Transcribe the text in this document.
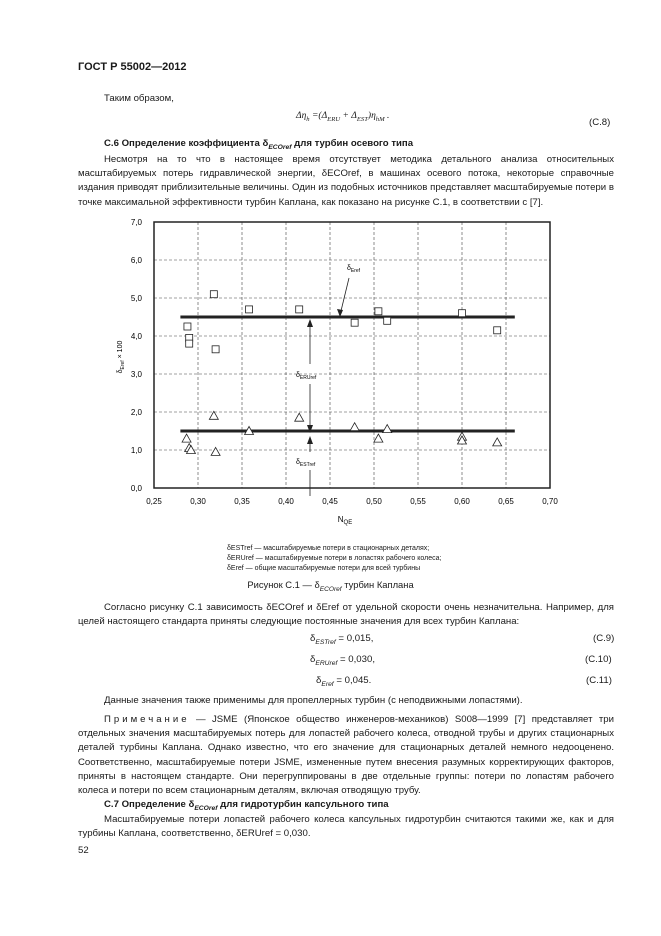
ГОСТ Р 55002—2012
Таким образом,
$\Delta\eta_h =(\Delta_{ERU} + \Delta_{EST})\eta_{hM}$ .
(С.8)
С.6 Определение коэффициента $\delta_{ECOref}$ для турбин осевого типа
Несмотря на то что в настоящее время отсутствует методика детального анализа относительных масштабируемых потерь гидравлической энергии, δECOref, в машинах осевого потока, некоторые справочные издания приводят приблизительные величины. Один из подобных источников представляет масштабируемые потери в точке максимальной эффективности турбин Каплана, как показано на рисунке С.1, в соответствии с [7].
0,25	0,30	0,35	0,40	0,45	0,50	0,55	0,60	0,65	0,70
0,0
1,0
2,0
3,0
4,0
5,0
6,0
7,0
$\delta_{Eref}$
$\delta_{ERUref}$
$\delta_{ESTref}$
$\delta_{Eref} \times 100$
$N_{QE}$
δESTref — масштабируемые потери в стационарных деталях;
δERUref — масштабируемые потери в лопастях рабочего колеса;
δEref — общие масштабируемые потери для всей турбины
Рисунок С.1 — $\delta_{ECOref}$ турбин Каплана
Согласно рисунку С.1 зависимость δECOref и δEref от удельной скорости очень незначительна. Например, для целей настоящего стандарта приняты следующие постоянные значения для всех турбин Каплана:
$\delta_{ESTref} = 0,015$,	(С.9)
$\delta_{ERUref} = 0,030$,	(С.10)
$\delta_{Eref} = 0,045$.	(С.11)
Данные значения также применимы для пропеллерных турбин (с неподвижными лопастями).
Примечание — JSME (Японское общество инженеров-механиков) S008—1999 [7] представляет три отдельных значения масштабируемых потерь для лопастей рабочего колеса, отводной трубы и других стационарных деталей турбины Каплана. Однако известно, что его значение для стационарных деталей немного недооценено. Соответственно, масштабируемые потери JSME, измененные путем внесения разумных корректирующих факторов, приняты в настоящем стандарте. Они перегруппированы в две отдельные группы: потери по лопастям рабочего колеса и потери по всем стационарным деталям, включая отводящую трубу.
С.7 Определение $\delta_{ECOref}$ для гидротурбин капсульного типа
Масштабируемые потери лопастей рабочего колеса капсульных гидротурбин считаются такими же, как и для турбины Каплана, соответственно, δERUref = 0,030.
52
